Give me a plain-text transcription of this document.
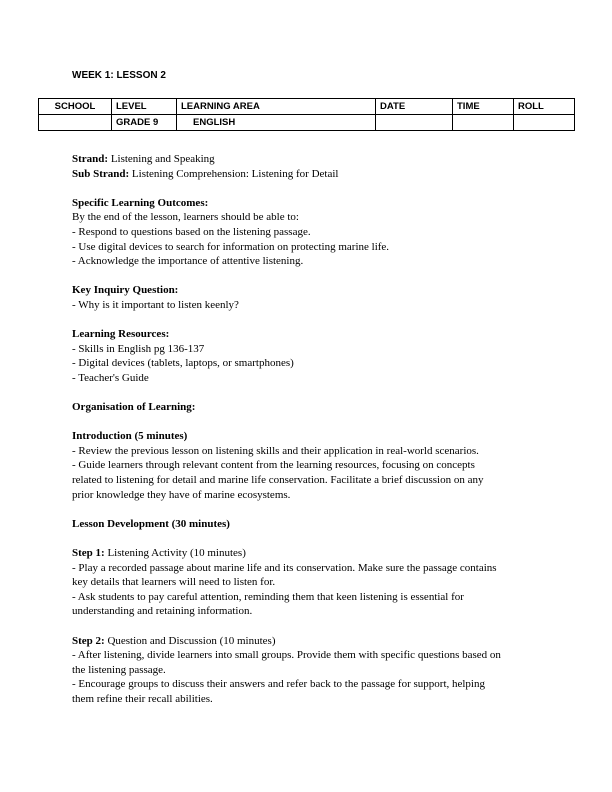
WEEK 1: LESSON 2
SCHOOL	LEVEL	LEARNING AREA	DATE	TIME	ROLL
	GRADE 9	ENGLISH			
Strand: Listening and Speaking
Sub Strand: Listening Comprehension: Listening for Detail
Specific Learning Outcomes:
By the end of the lesson, learners should be able to:
- Respond to questions based on the listening passage.
- Use digital devices to search for information on protecting marine life.
- Acknowledge the importance of attentive listening.
Key Inquiry Question:
- Why is it important to listen keenly?
Learning Resources:
- Skills in English pg 136-137
- Digital devices (tablets, laptops, or smartphones)
- Teacher's Guide
Organisation of Learning:
Introduction (5 minutes)
- Review the previous lesson on listening skills and their application in real-world scenarios.
- Guide learners through relevant content from the learning resources, focusing on concepts
related to listening for detail and marine life conservation. Facilitate a brief discussion on any
prior knowledge they have of marine ecosystems.
Lesson Development (30 minutes)
Step 1: Listening Activity (10 minutes)
- Play a recorded passage about marine life and its conservation. Make sure the passage contains
key details that learners will need to listen for.
- Ask students to pay careful attention, reminding them that keen listening is essential for
understanding and retaining information.
Step 2: Question and Discussion (10 minutes)
- After listening, divide learners into small groups. Provide them with specific questions based on
the listening passage.
- Encourage groups to discuss their answers and refer back to the passage for support, helping
them refine their recall abilities.
